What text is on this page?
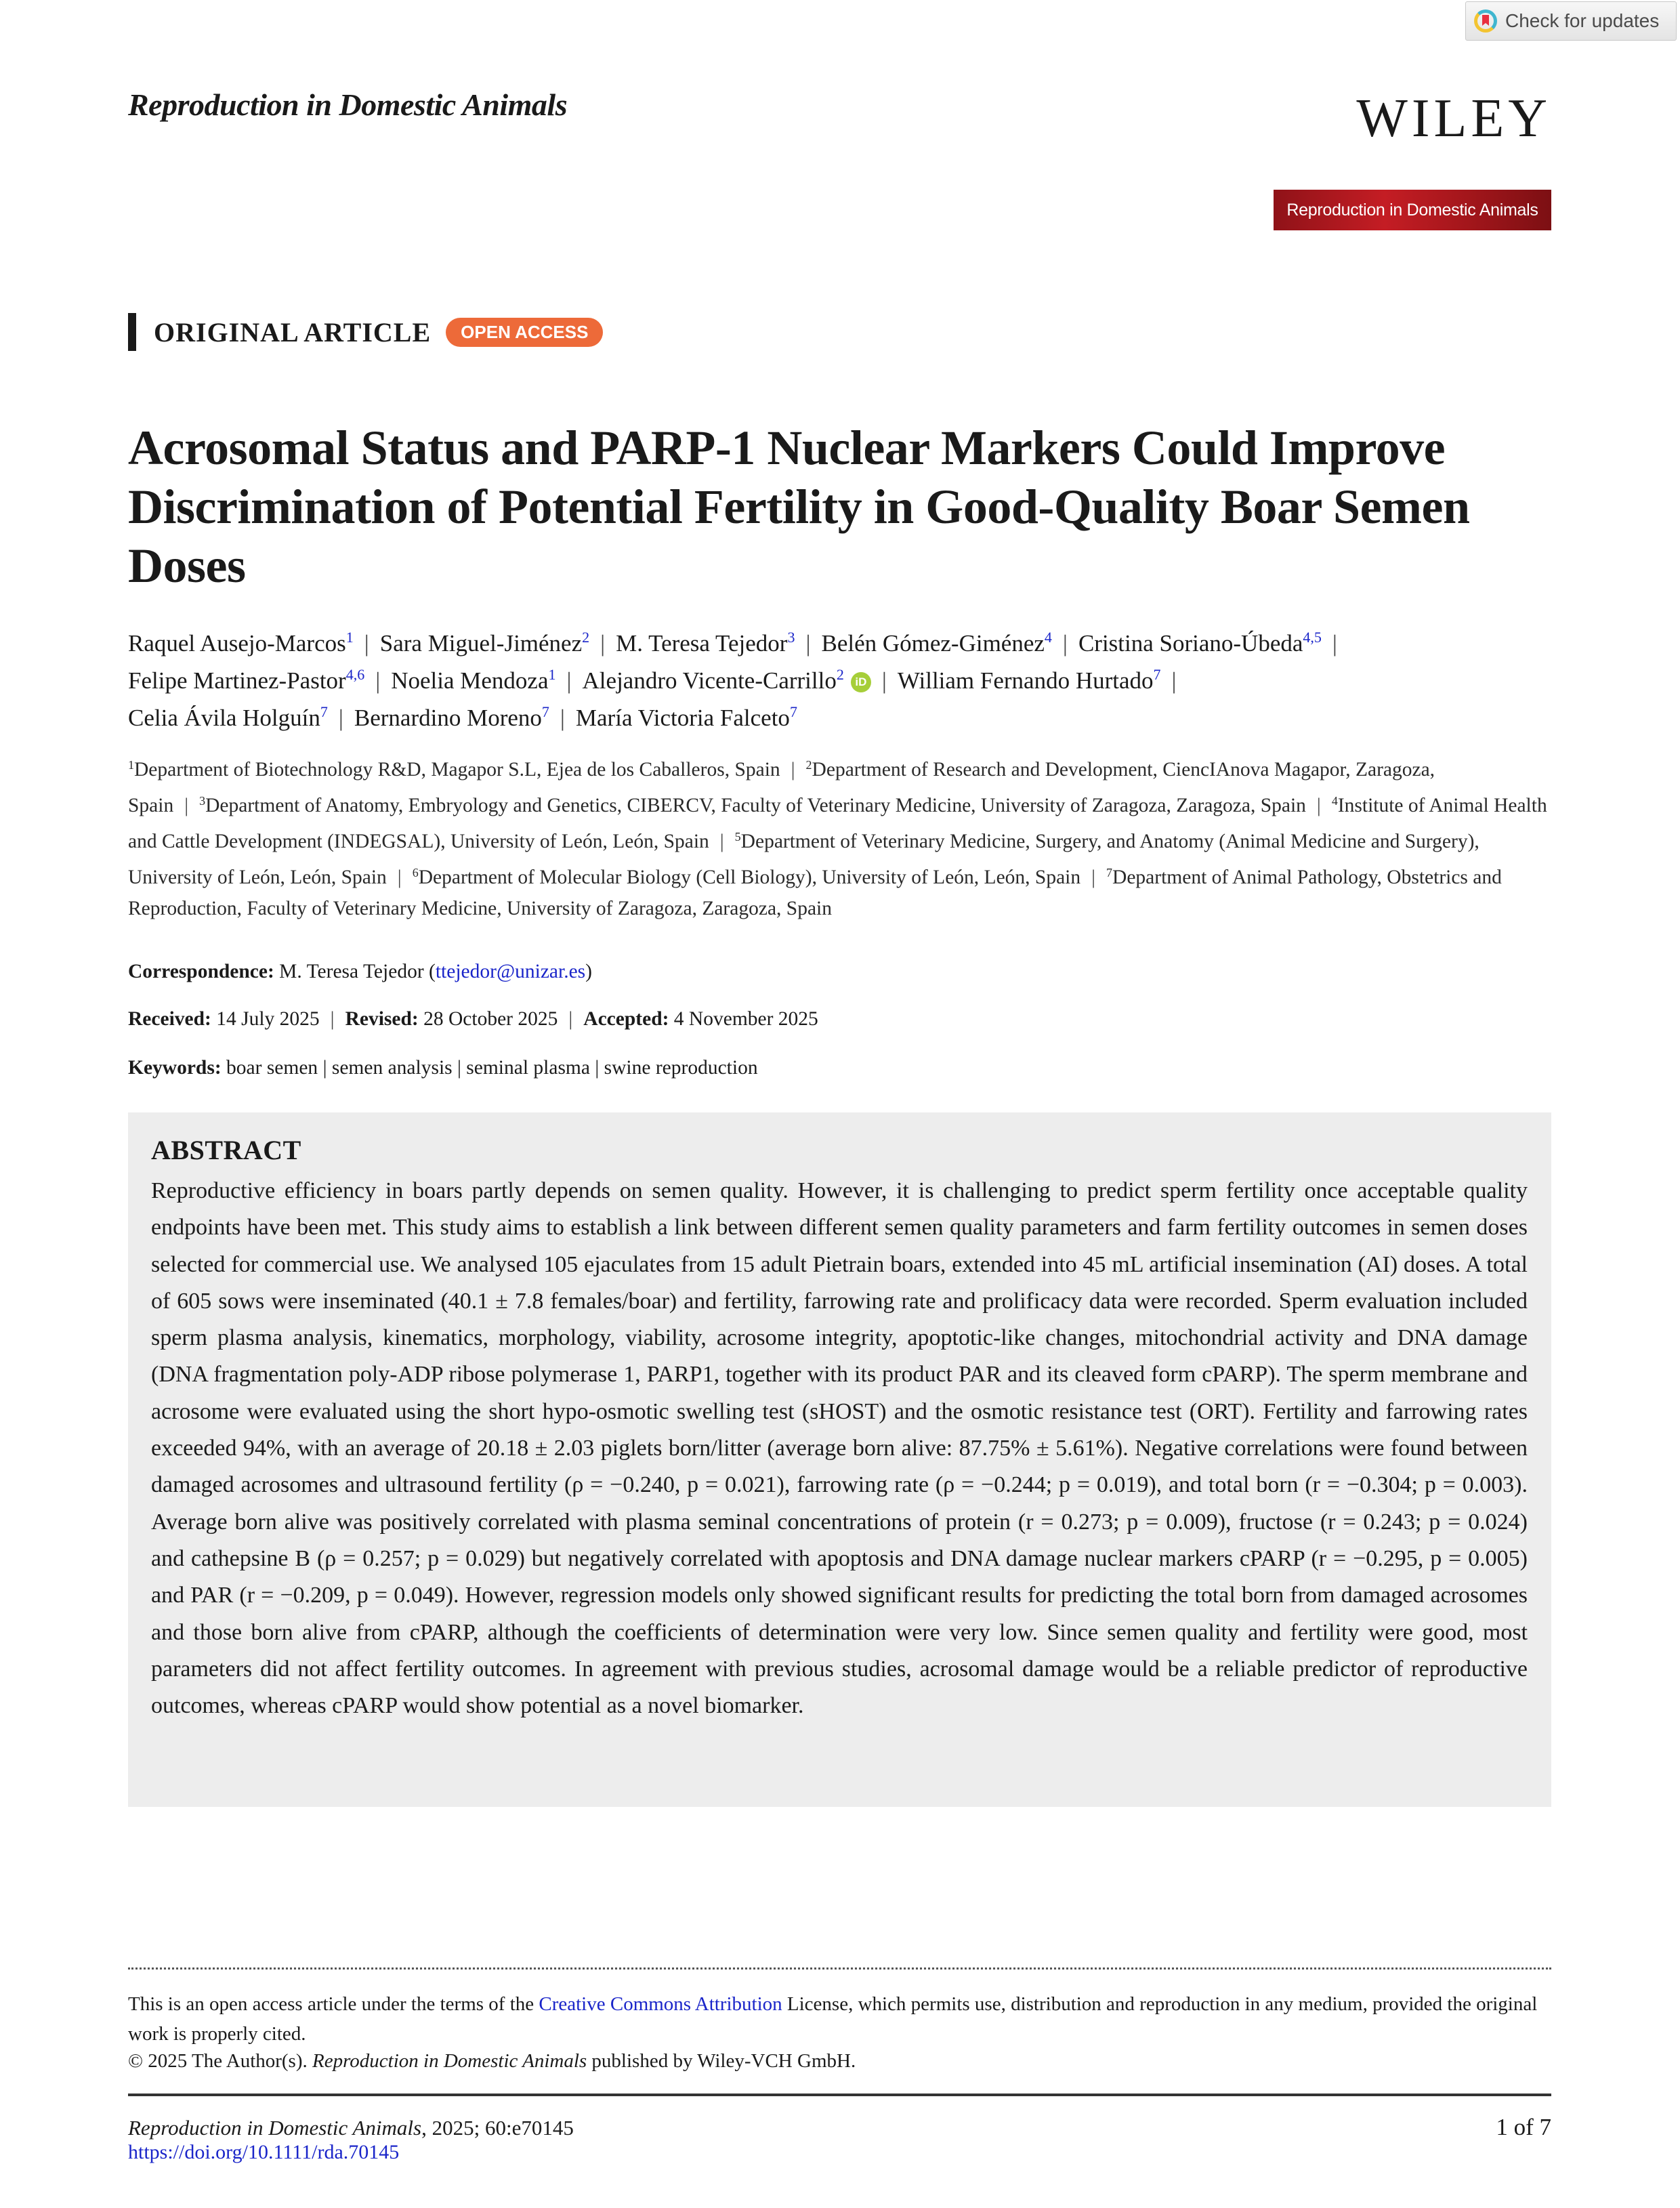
Check for updates
Reproduction in Domestic Animals	WILEY
Reproduction in Domestic Animals
ORIGINAL ARTICLE	OPEN ACCESS
Acrosomal Status and PARP-1 Nuclear Markers Could Improve Discrimination of Potential Fertility in Good-Quality Boar Semen Doses
Raquel Ausejo-Marcos$^1$ | Sara Miguel-Jiménez$^2$ | M. Teresa Tejedor$^3$ | Belén Gómez-Giménez$^4$ | Cristina Soriano-Úbeda$^{4,5}$ |
Felipe Martinez-Pastor$^{4,6}$ | Noelia Mendoza$^1$ | Alejandro Vicente-Carrillo$^2$ iD | William Fernando Hurtado$^7$ |
Celia Ávila Holguín$^7$ | Bernardino Moreno$^7$ | María Victoria Falceto$^7$
$^1$Department of Biotechnology R&D, Magapor S.L, Ejea de los Caballeros, Spain | $^2$Department of Research and Development, CiencIAnova Magapor, Zaragoza, Spain | $^3$Department of Anatomy, Embryology and Genetics, CIBERCV, Faculty of Veterinary Medicine, University of Zaragoza, Zaragoza, Spain | $^4$Institute of Animal Health and Cattle Development (INDEGSAL), University of León, León, Spain | $^5$Department of Veterinary Medicine, Surgery, and Anatomy (Animal Medicine and Surgery), University of León, León, Spain | $^6$Department of Molecular Biology (Cell Biology), University of León, León, Spain | $^7$Department of Animal Pathology, Obstetrics and Reproduction, Faculty of Veterinary Medicine, University of Zaragoza, Zaragoza, Spain
Correspondence: M. Teresa Tejedor (ttejedor@unizar.es)
Received: 14 July 2025 | Revised: 28 October 2025 | Accepted: 4 November 2025
Keywords: boar semen | semen analysis | seminal plasma | swine reproduction
ABSTRACT
Reproductive efficiency in boars partly depends on semen quality. However, it is challenging to predict sperm fertility once acceptable quality endpoints have been met. This study aims to establish a link between different semen quality parameters and farm fertility outcomes in semen doses selected for commercial use. We analysed 105 ejaculates from 15 adult Pietrain boars, extended into 45 mL artificial insemination (AI) doses. A total of 605 sows were inseminated (40.1 ± 7.8 females/boar) and fertility, farrowing rate and prolificacy data were recorded. Sperm evaluation included sperm plasma analysis, kinematics, morphology, viability, acrosome integrity, apoptotic-like changes, mitochondrial activity and DNA damage (DNA fragmentation poly-ADP ribose polymerase 1, PARP1, together with its product PAR and its cleaved form cPARP). The sperm membrane and acrosome were evaluated using the short hypo-osmotic swelling test (sHOST) and the osmotic resistance test (ORT). Fertility and farrowing rates exceeded 94%, with an average of 20.18 ± 2.03 piglets born/litter (average born alive: 87.75% ± 5.61%). Negative correlations were found between damaged acrosomes and ultrasound fertility (ρ = −0.240, p = 0.021), farrowing rate (ρ = −0.244; p = 0.019), and total born (r = −0.304; p = 0.003). Average born alive was positively correlated with plasma seminal concentrations of protein (r = 0.273; p = 0.009), fructose (r = 0.243; p = 0.024) and cathepsine B (ρ = 0.257; p = 0.029) but negatively correlated with apoptosis and DNA damage nuclear markers cPARP (r = −0.295, p = 0.005) and PAR (r = −0.209, p = 0.049). However, regression models only showed significant results for predicting the total born from damaged acrosomes and those born alive from cPARP, although the coefficients of determination were very low. Since semen quality and fertility were good, most parameters did not affect fertility outcomes. In agreement with previous studies, acrosomal damage would be a reliable predictor of reproductive outcomes, whereas cPARP would show potential as a novel biomarker.
This is an open access article under the terms of the Creative Commons Attribution License, which permits use, distribution and reproduction in any medium, provided the original work is properly cited.
© 2025 The Author(s). Reproduction in Domestic Animals published by Wiley-VCH GmbH.
Reproduction in Domestic Animals, 2025; 60:e70145
https://doi.org/10.1111/rda.70145
1 of 7
